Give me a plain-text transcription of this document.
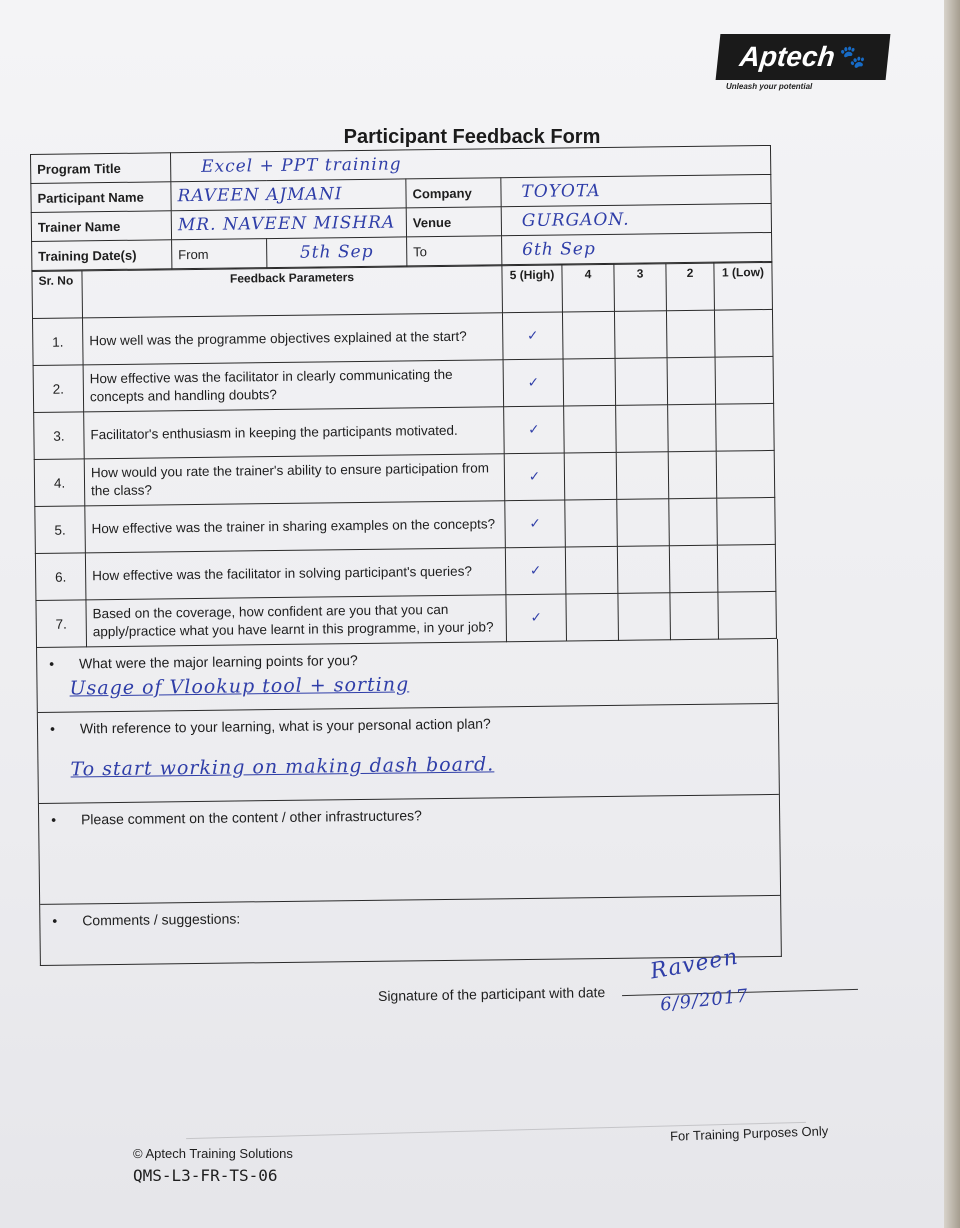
Aptech 🐾
Unleash your potential
Participant Feedback Form
Program Title	Excel + PPT training			
Participant Name	RAVEEN AJMANI		Company	TOYOTA
Trainer Name	MR. NAVEEN MISHRA		Venue	GURGAON.
Training Date(s)	From	5th Sep	To	6th Sep
Sr. No	Feedback Parameters	5 (High)	4	3	2	1 (Low)
1.	How well was the programme objectives explained at the start?	✓				
2.	How effective was the facilitator in clearly communicating the concepts and handling doubts?	✓				
3.	Facilitator's enthusiasm in keeping the participants motivated.	✓				
4.	How would you rate the trainer's ability to ensure participation from the class?	✓				
5.	How effective was the trainer in sharing examples on the concepts?	✓				
6.	How effective was the facilitator in solving participant's queries?	✓				
7.	Based on the coverage, how confident are you that you can apply/practice what you have learnt in this programme, in your job?	✓				
• What were the major learning points for you?
Usage of Vlookup tool + sorting
• With reference to your learning, what is your personal action plan?
To start working on making dash board.
• Please comment on the content / other infrastructures?
• Comments / suggestions:
Signature of the participant with date
Raveen
6/9/2017
© Aptech Training Solutions
QMS-L3-FR-TS-06
For Training Purposes Only
